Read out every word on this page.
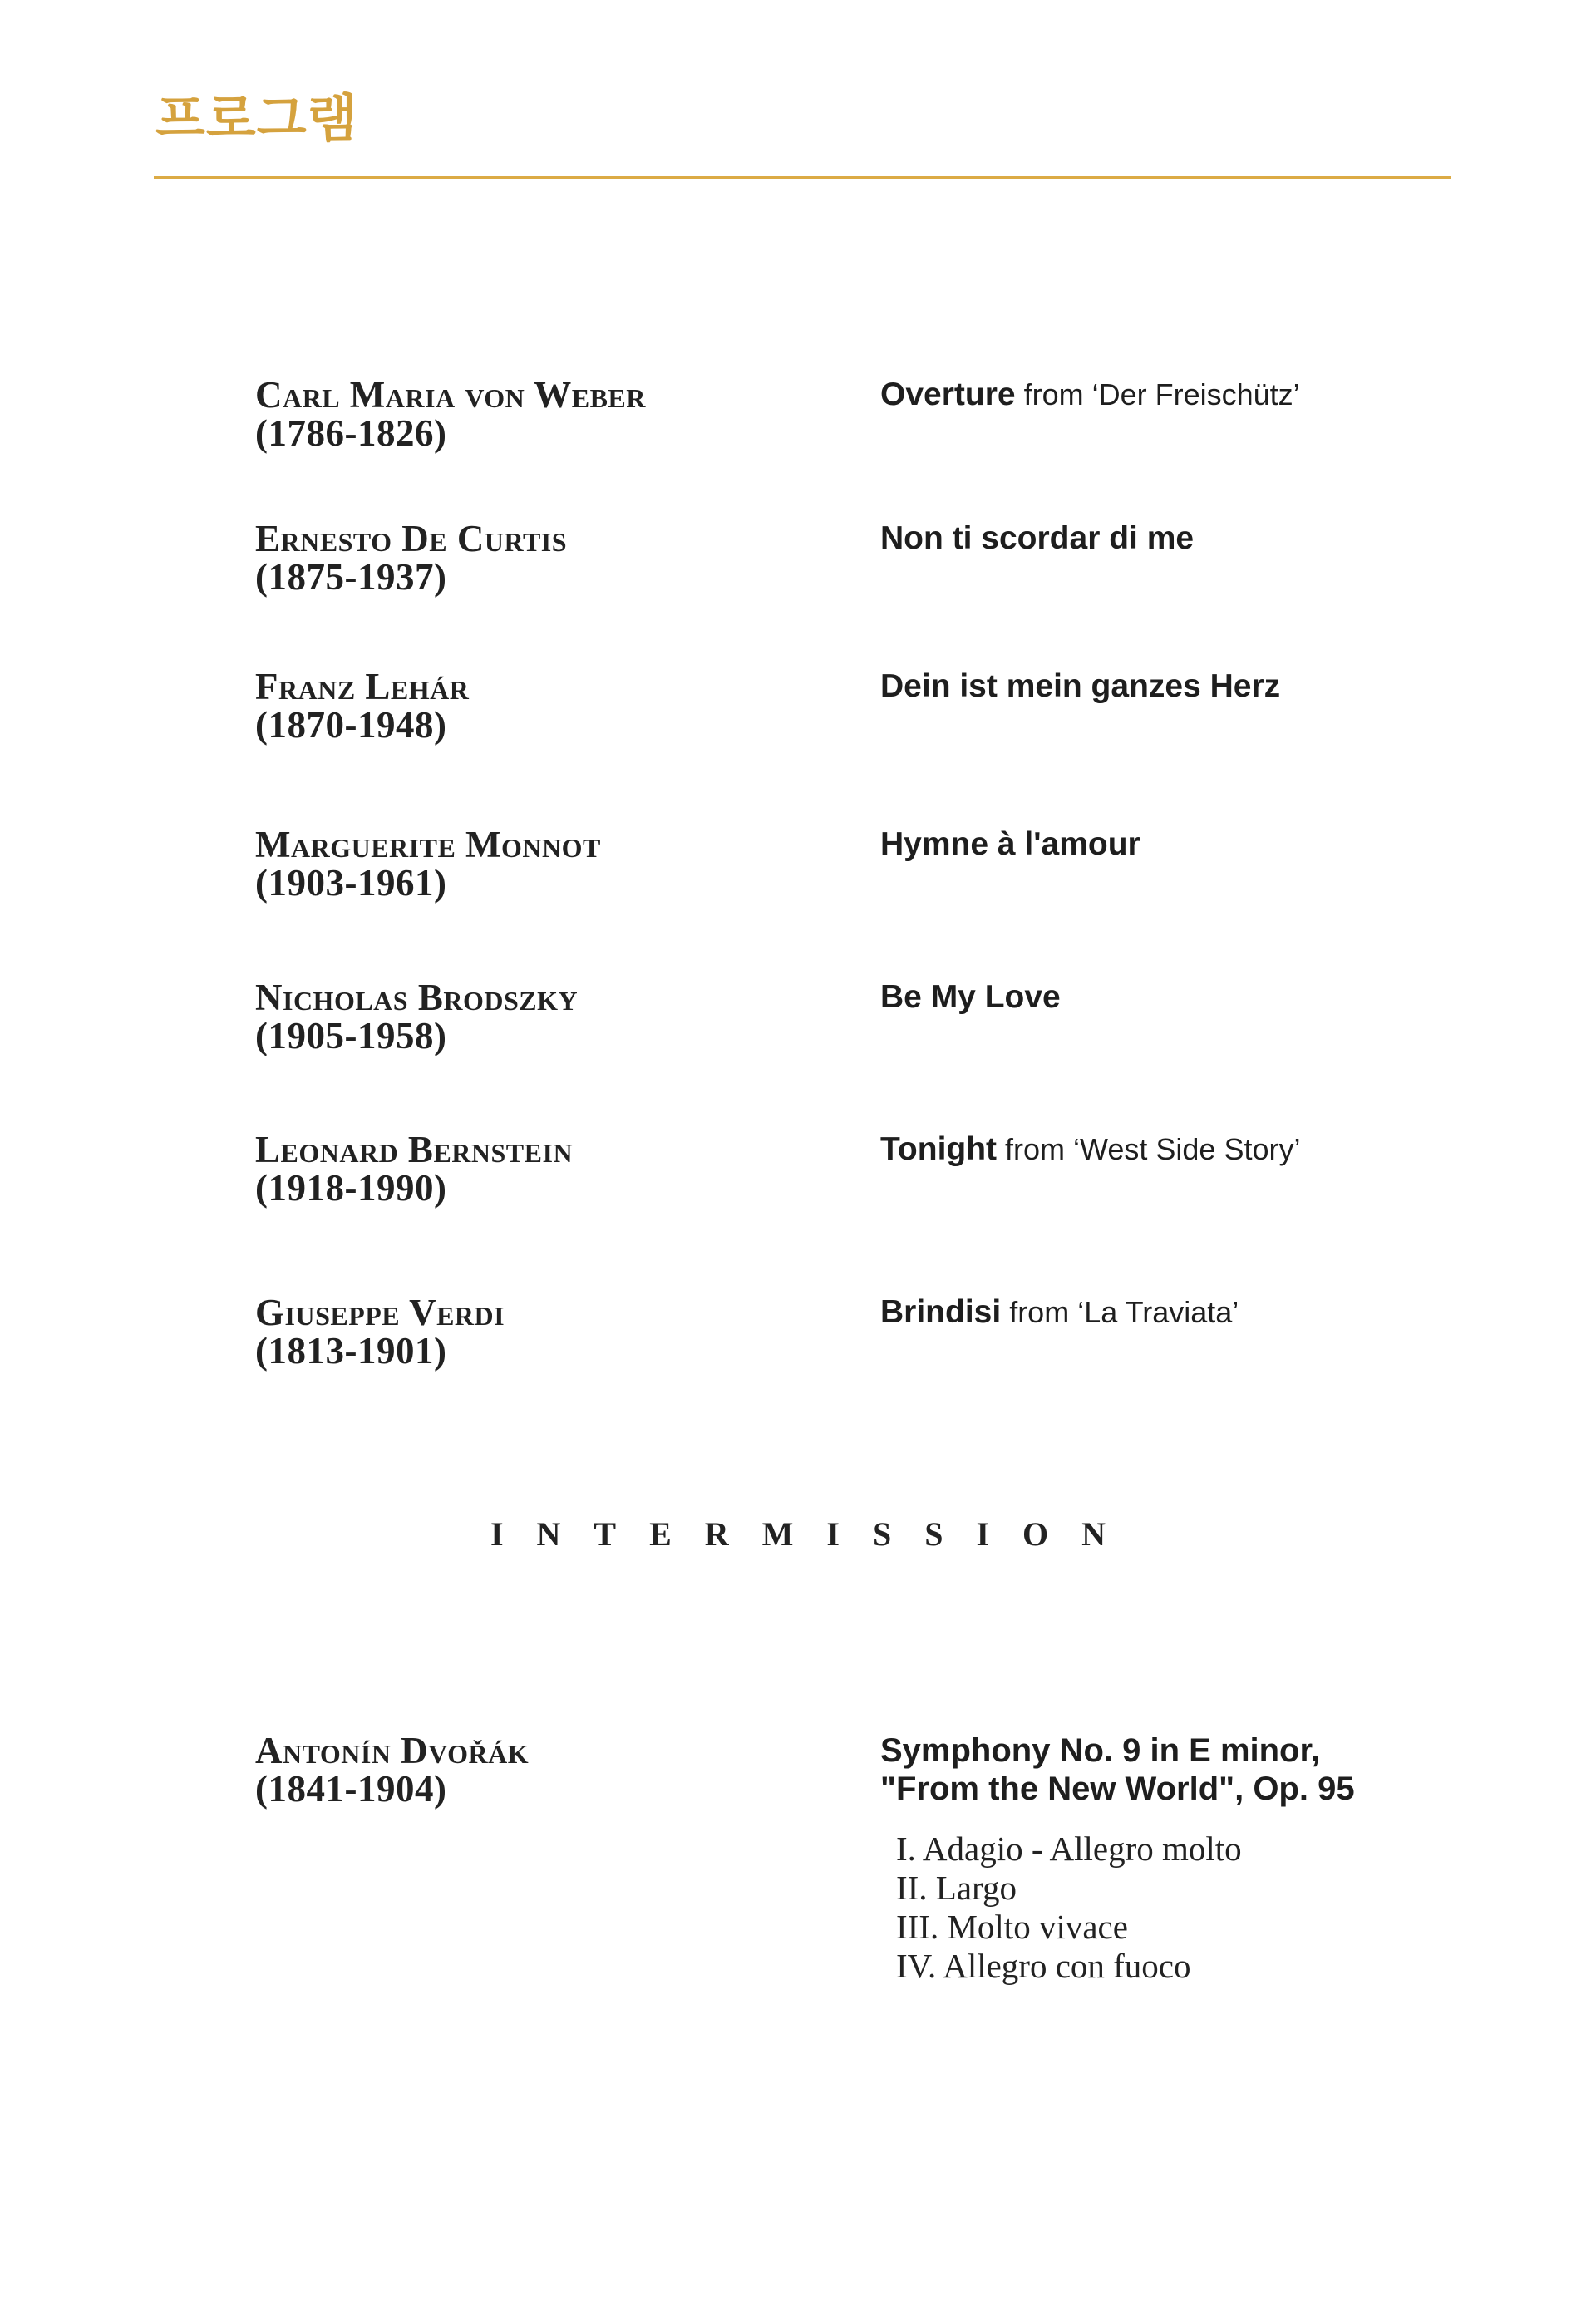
프로그램
Carl Maria von Weber
(1786-1826)
Overture from ‘Der Freischütz’
Ernesto De Curtis
(1875-1937)
Non ti scordar di me
Franz Lehár
(1870-1948)
Dein ist mein ganzes Herz
Marguerite Monnot
(1903-1961)
Hymne à l'amour
Nicholas Brodszky
(1905-1958)
Be My Love
Leonard Bernstein
(1918-1990)
Tonight from ‘West Side Story’
Giuseppe Verdi
(1813-1901)
Brindisi from ‘La Traviata’
INTERMISSION
Antonín Dvořák
(1841-1904)
Symphony No. 9 in E minor,
"From the New World", Op. 95
I. Adagio - Allegro molto
II. Largo
III. Molto vivace
IV. Allegro con fuoco
